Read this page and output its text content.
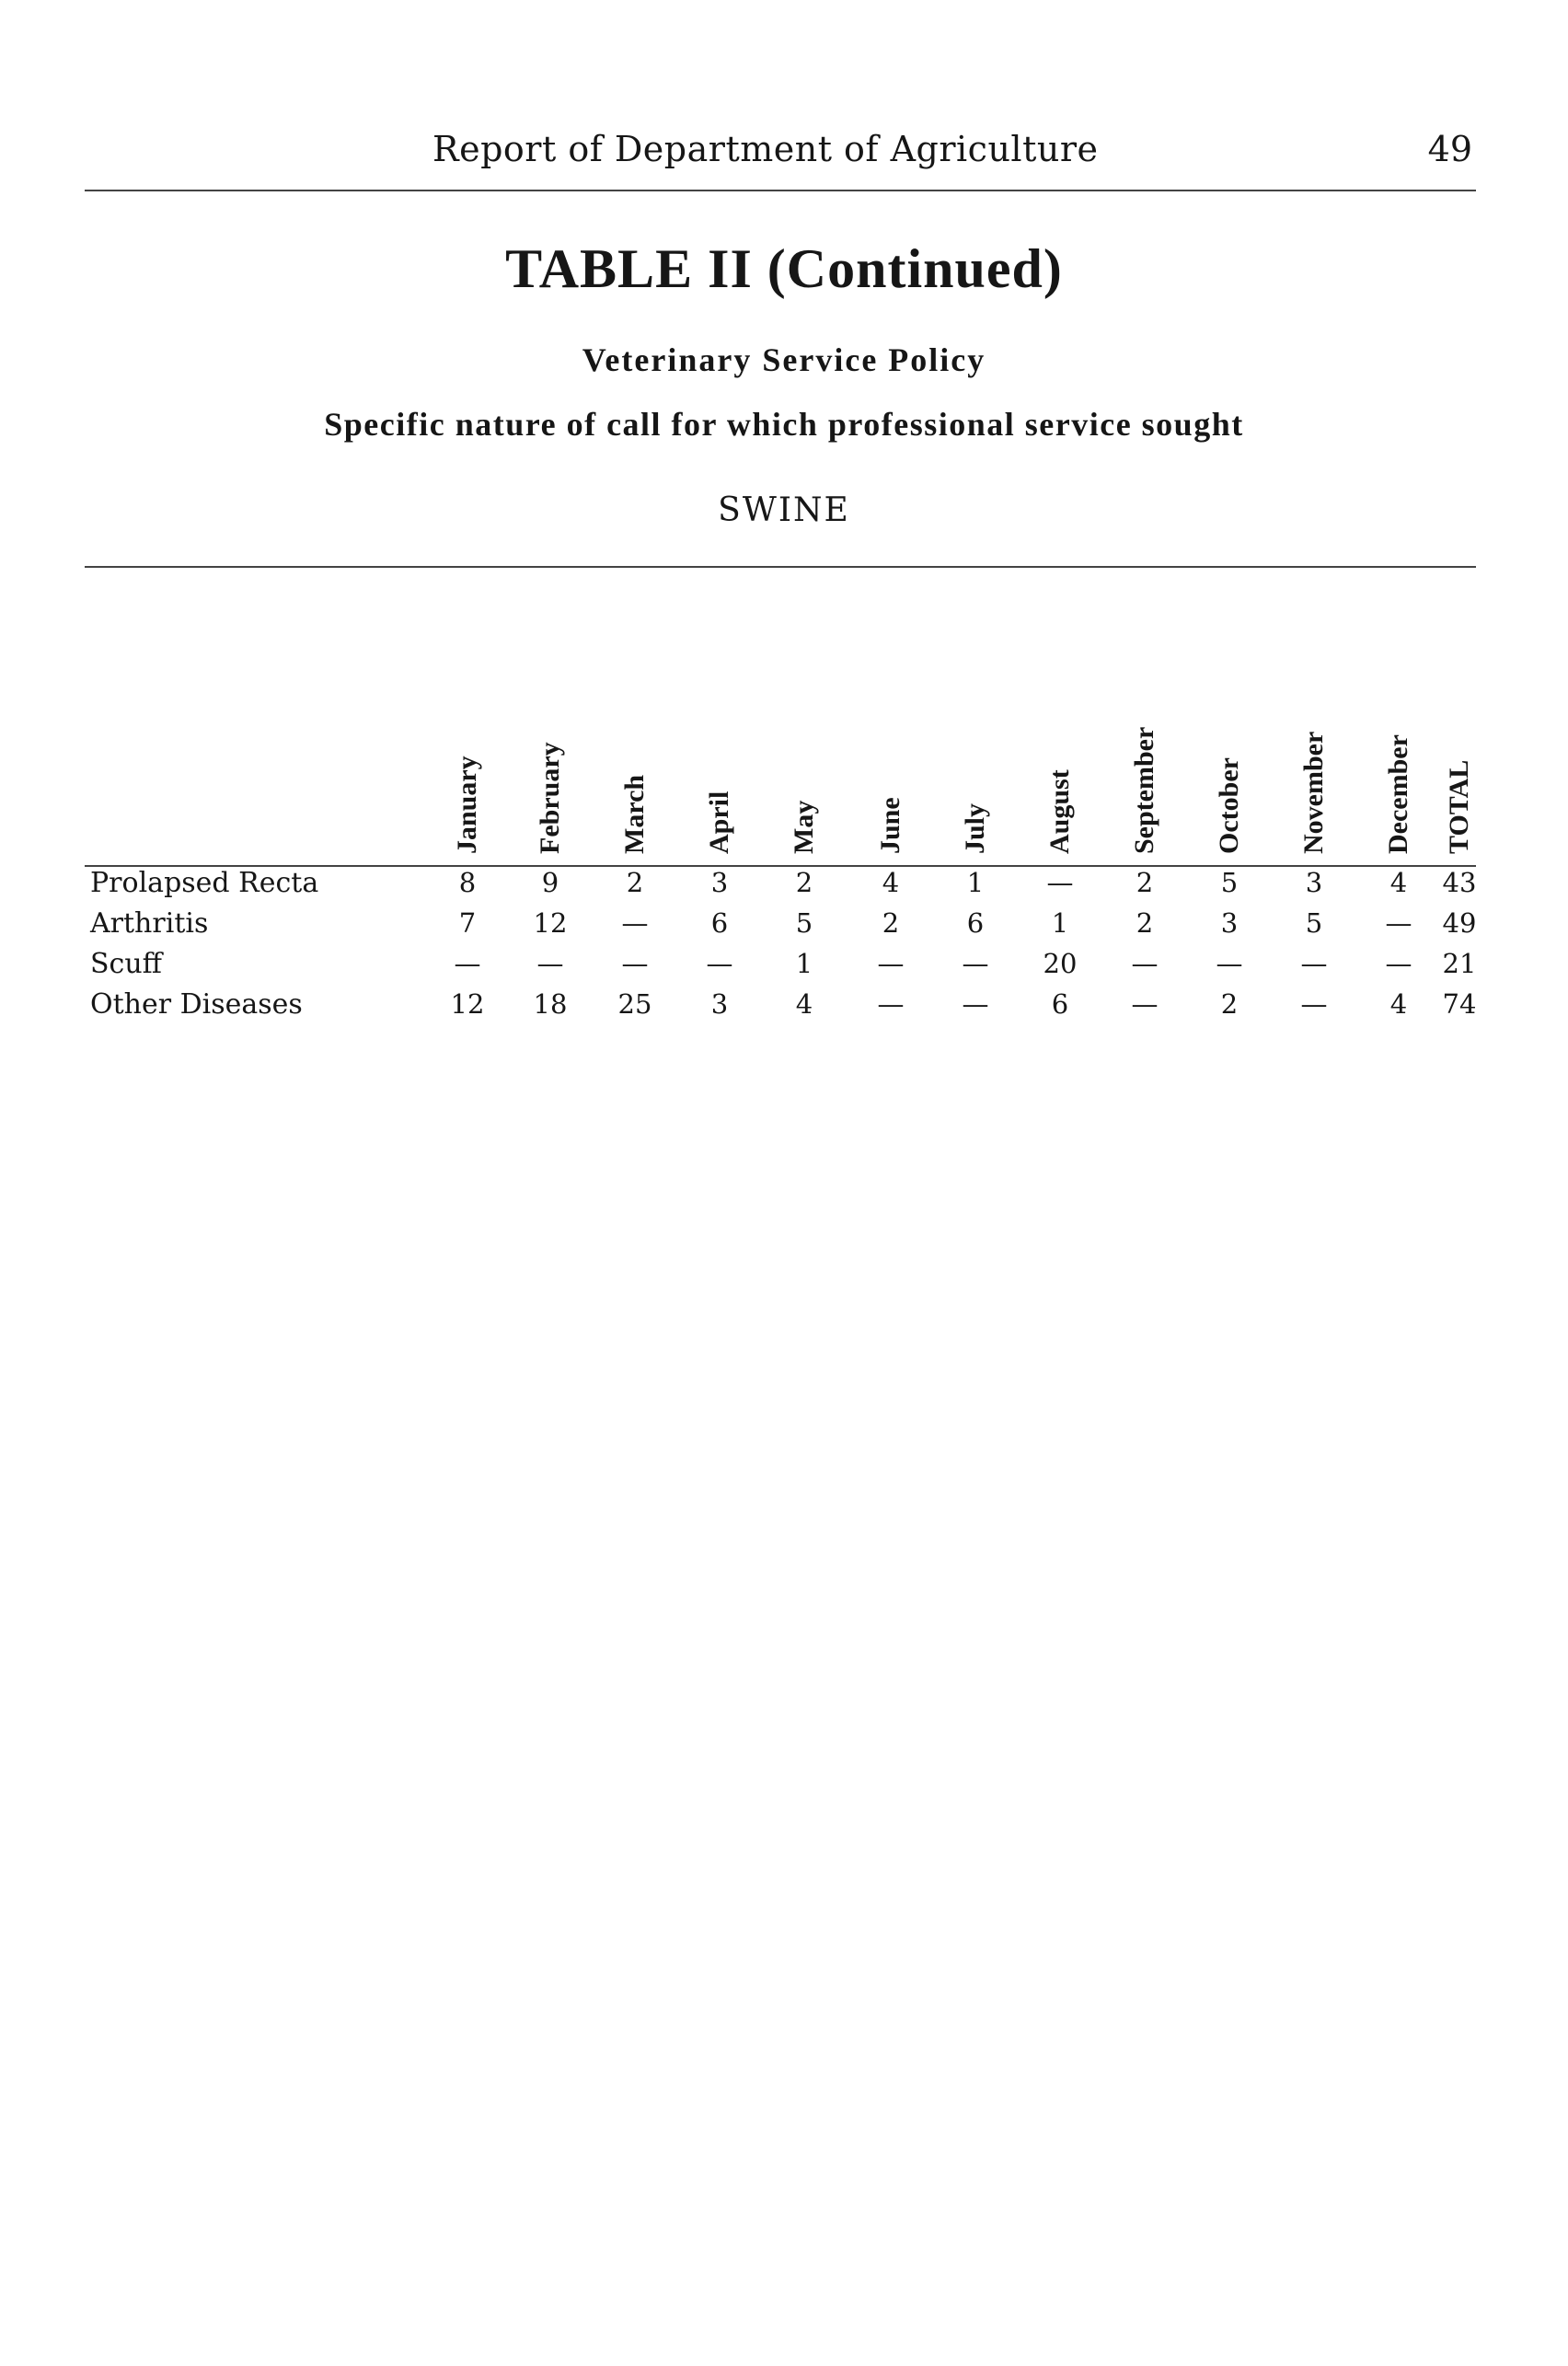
Report of Department of Agriculture	49
TABLE II (Continued)
Veterinary Service Policy
Specific nature of call for which professional service sought
SWINE
January February March April May June July August September October November December TOTAL
Prolapsed Recta	8	9	2	3	2	4	1	—	2	5	3	4	43
Arthritis	7	12	—	6	5	2	6	1	2	3	5	—	49
Scuff	—	—	—	—	1	—	—	20	—	—	—	—	21
Other Diseases	12	18	25	3	4	—	—	6	—	2	—	4	74
